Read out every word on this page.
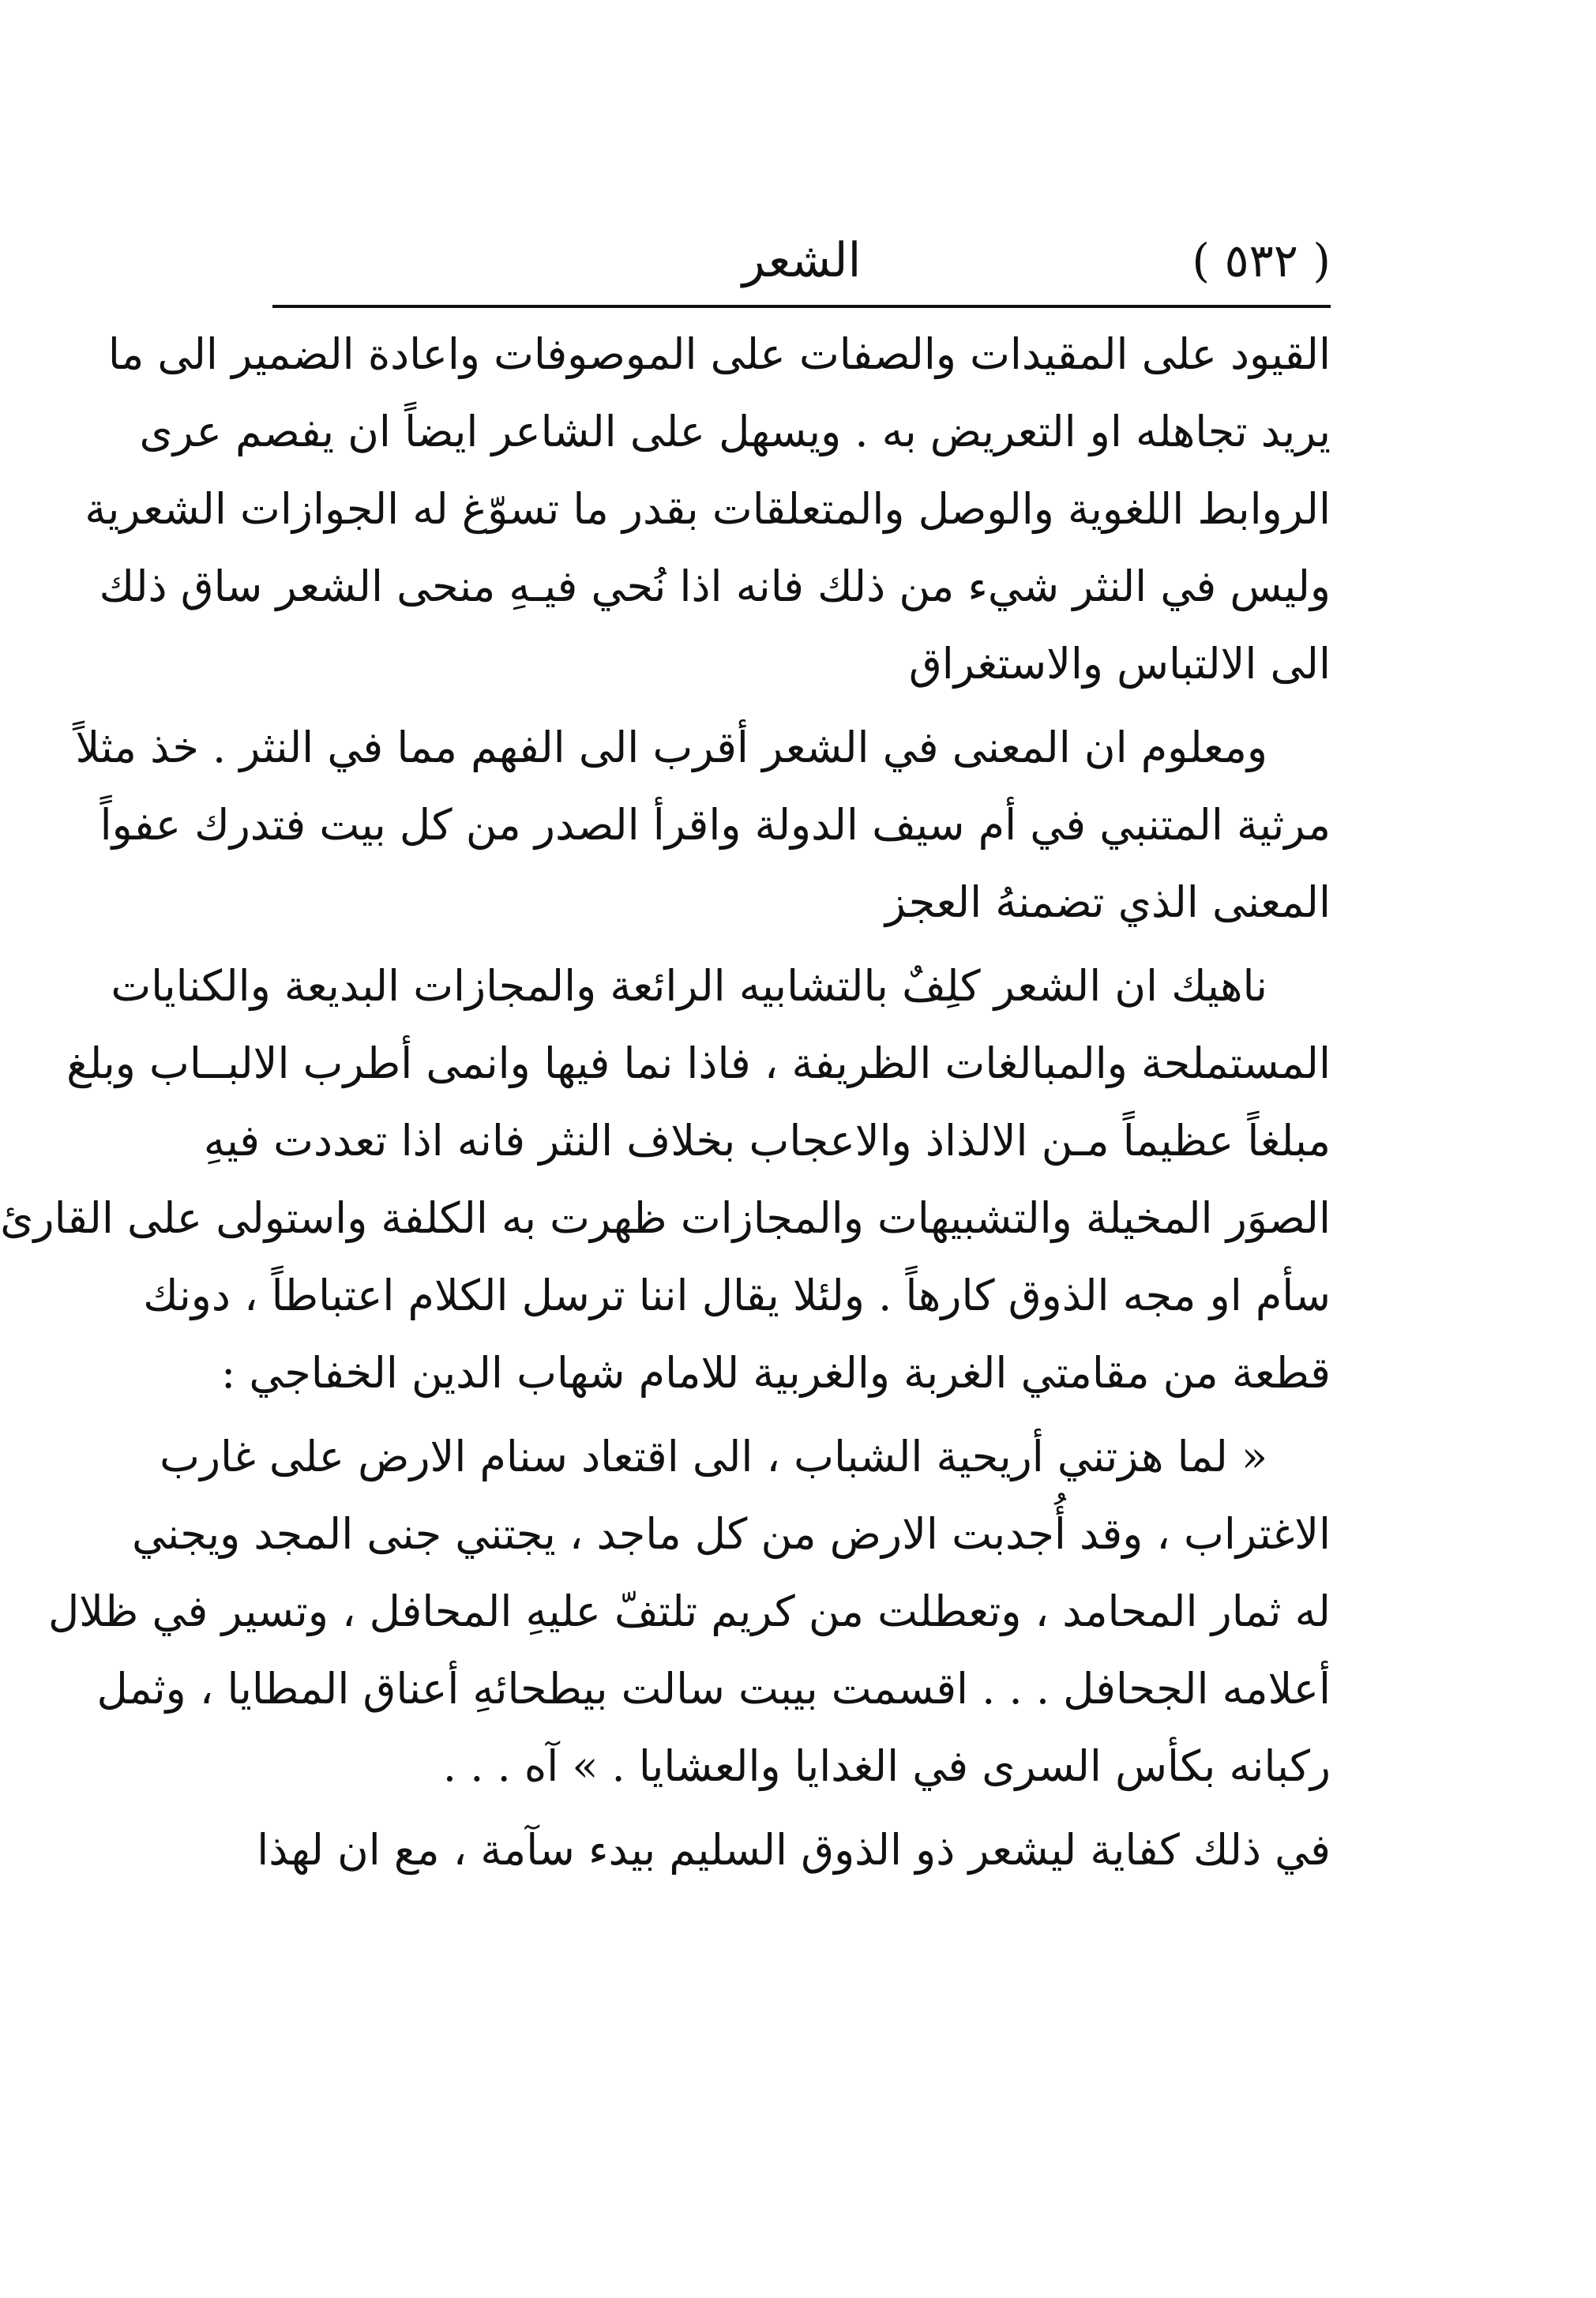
( ٥٣٢ )
الشعر
القيود على المقيدات والصفات على الموصوفات واعادة الضمير الى ما
يريد تجاهله او التعريض به . ويسهل على الشاعر ايضاً ان يفصم عرى
الروابط اللغوية والوصل والمتعلقات بقدر ما تسوّغ له الجوازات الشعرية
وليس في النثر شيء من ذلك فانه اذا نُحي فيـهِ منحى الشعر ساق ذلك
الى الالتباس والاستغراق
ومعلوم ان المعنى في الشعر أقرب الى الفهم مما في النثر . خذ مثلاً
مرثية المتنبي في أم سيف الدولة واقرأ الصدر من كل بيت فتدرك عفواً
المعنى الذي تضمنهُ العجز
ناهيك ان الشعر كلِفٌ بالتشابيه الرائعة والمجازات البديعة والكنايات
المستملحة والمبالغات الظريفة ، فاذا نما فيها وانمى أطرب الالبــاب وبلغ
مبلغاً عظيماً مـن الالذاذ والاعجاب بخلاف النثر فانه اذا تعددت فيهِ
الصوَر المخيلة والتشبيهات والمجازات ظهرت به الكلفة واستولى على القارئ
سأم او مجه الذوق كارهاً . ولئلا يقال اننا ترسل الكلام اعتباطاً ، دونك
قطعة من مقامتي الغربة والغربية للامام شهاب الدين الخفاجي :
« لما هزتني أريحية الشباب ، الى اقتعاد سنام الارض على غارب
الاغتراب ، وقد أُجدبت الارض من كل ماجد ، يجتني جنى المجد ويجني
له ثمار المحامد ، وتعطلت من كريم تلتفّ عليهِ المحافل ، وتسير في ظلال
أعلامه الجحافل . . . اقسمت بيبت سالت بيطحائهِ أعناق المطايا ، وثمل
ركبانه بكأس السرى في الغدايا والعشايا . » آه . . .
في ذلك كفاية ليشعر ذو الذوق السليم بيدء سآمة ، مع ان لهذا
